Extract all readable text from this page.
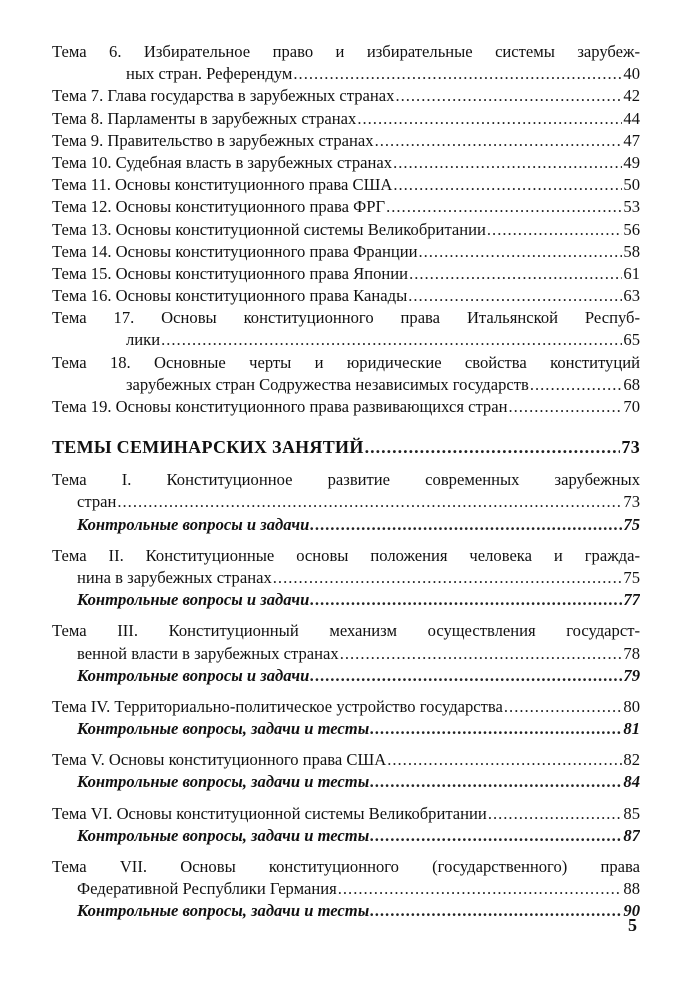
Тема 6. Избирательное право и избирательные системы зарубеж-
ных стран. Референдум .....	40
Тема 7. Глава государства в зарубежных странах .....	42
Тема 8. Парламенты в зарубежных странах .....	44
Тема 9. Правительство в зарубежных странах .....	47
Тема 10. Судебная власть в зарубежных странах .....	49
Тема 11. Основы конституционного права США .....	50
Тема 12. Основы конституционного права ФРГ .....	53
Тема 13. Основы конституционной системы Великобритании .....	56
Тема 14. Основы конституционного права Франции .....	58
Тема 15. Основы конституционного права Японии .....	61
Тема 16. Основы конституционного права Канады .....	63
Тема 17. Основы конституционного права Итальянской Респуб-
лики .....	65
Тема 18. Основные черты и юридические свойства конституций
зарубежных стран Содружества независимых государств .....	68
Тема 19. Основы конституционного права развивающихся стран .....	70
ТЕМЫ СЕМИНАРСКИХ ЗАНЯТИЙ .....	73
Тема I. Конституционное развитие современных зарубежных
стран .....	73
Контрольные вопросы и задачи .....	75
Тема II. Конституционные основы положения человека и гражда-
нина в зарубежных странах .....	75
Контрольные вопросы и задачи .....	77
Тема III. Конституционный механизм осуществления государст-
венной власти в зарубежных странах .....	78
Контрольные вопросы и задачи .....	79
Тема IV. Территориально-политическое устройство государства .....	80
Контрольные вопросы, задачи и тесты .....	81
Тема V. Основы конституционного права США .....	82
Контрольные вопросы, задачи и тесты .....	84
Тема VI. Основы конституционной системы Великобритании .....	85
Контрольные вопросы, задачи и тесты .....	87
Тема VII. Основы конституционного (государственного) права
Федеративной Республики Германия .....	88
Контрольные вопросы, задачи и тесты .....	90
5
